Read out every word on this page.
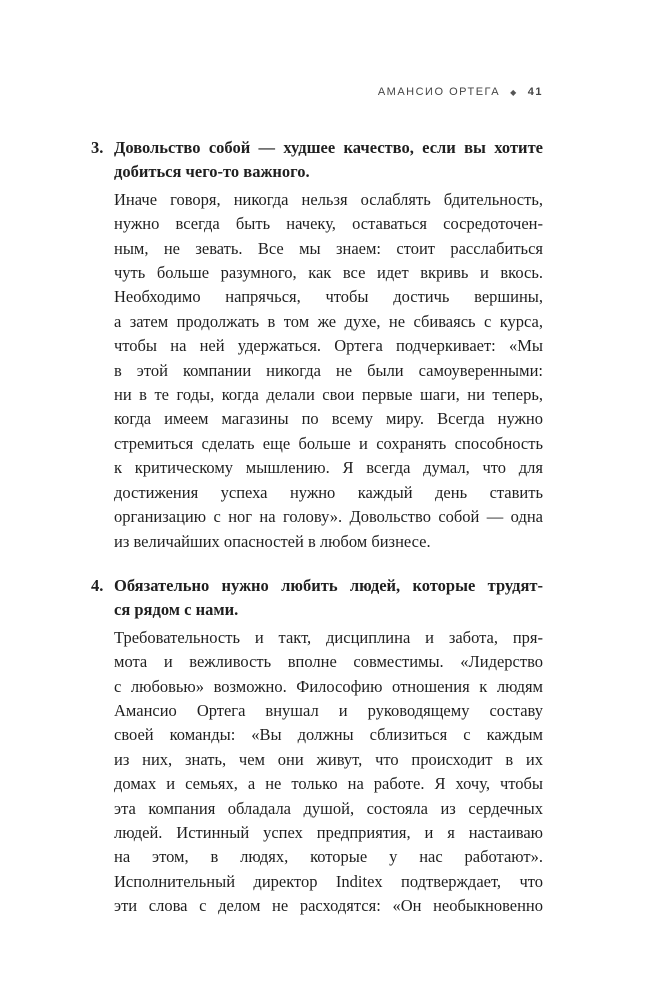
АМАНСИО ОРТЕГА ◆ 41
3. Довольство собой — худшее качество, если вы хотите
добиться чего-то важного.
Иначе говоря, никогда нельзя ослаблять бдительность,
нужно всегда быть начеку, оставаться сосредоточен-
ным, не зевать. Все мы знаем: стоит расслабиться
чуть больше разумного, как все идет вкривь и вкось.
Необходимо напрячься, чтобы достичь вершины,
а затем продолжать в том же духе, не сбиваясь с курса,
чтобы на ней удержаться. Ортега подчеркивает: «Мы
в этой компании никогда не были самоуверенными:
ни в те годы, когда делали свои первые шаги, ни теперь,
когда имеем магазины по всему миру. Всегда нужно
стремиться сделать еще больше и сохранять способность
к критическому мышлению. Я всегда думал, что для
достижения успеха нужно каждый день ставить
организацию с ног на голову». Довольство собой — одна
из величайших опасностей в любом бизнесе.
4. Обязательно нужно любить людей, которые трудят-
ся рядом с нами.
Требовательность и такт, дисциплина и забота, пря-
мота и вежливость вполне совместимы. «Лидерство
с любовью» возможно. Философию отношения к людям
Амансио Ортега внушал и руководящему составу
своей команды: «Вы должны сблизиться с каждым
из них, знать, чем они живут, что происходит в их
домах и семьях, а не только на работе. Я хочу, чтобы
эта компания обладала душой, состояла из сердечных
людей. Истинный успех предприятия, и я настаиваю
на этом, в людях, которые у нас работают».
Исполнительный директор Inditex подтверждает, что
эти слова с делом не расходятся: «Он необыкновенно
